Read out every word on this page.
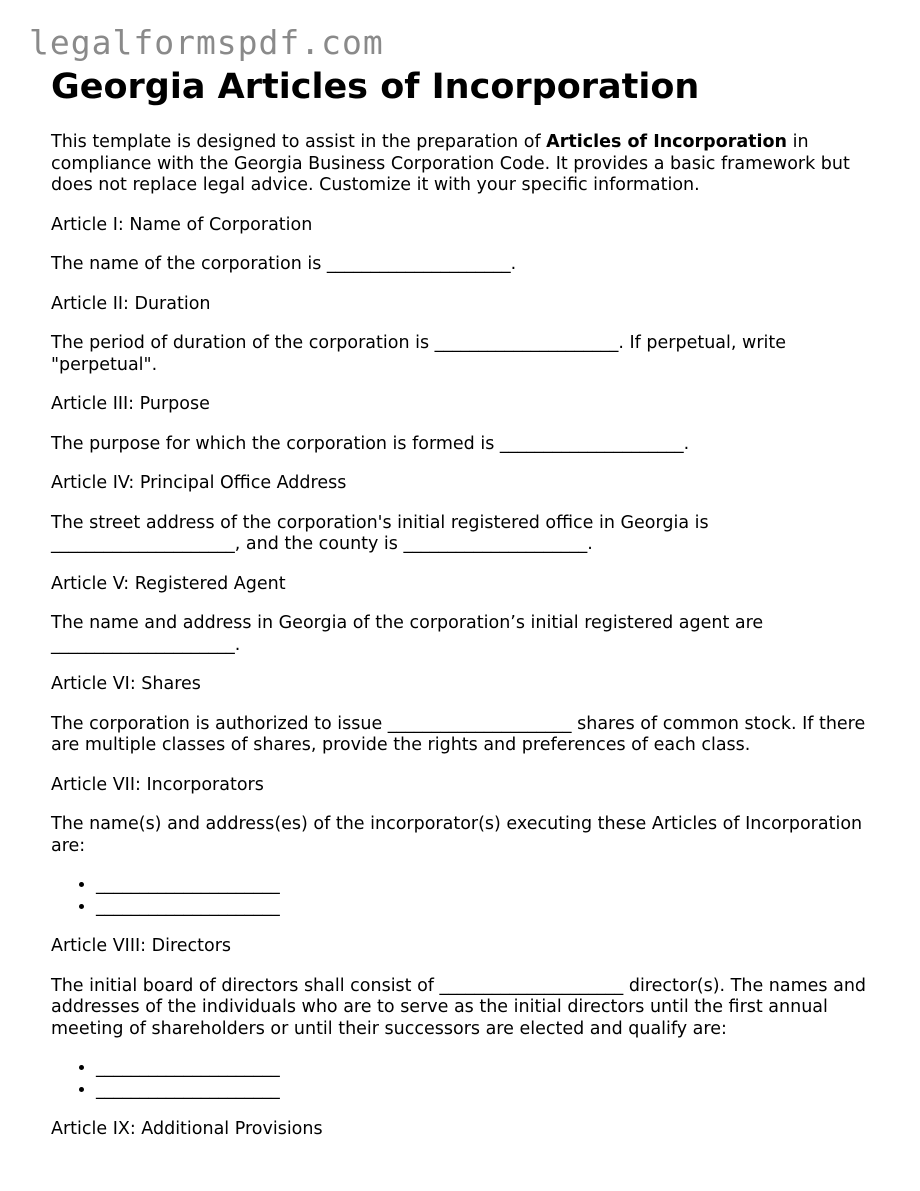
legalformspdf.com
Georgia Articles of Incorporation

This template is designed to assist in the preparation of Articles of Incorporation in compliance with the Georgia Business Corporation Code. It provides a basic framework but does not replace legal advice. Customize it with your specific information.

Article I: Name of Corporation

The name of the corporation is _____________________.

Article II: Duration

The period of duration of the corporation is _____________________. If perpetual, write "perpetual".

Article III: Purpose

The purpose for which the corporation is formed is _____________________.

Article IV: Principal Office Address

The street address of the corporation's initial registered office in Georgia is _____________________, and the county is _____________________.

Article V: Registered Agent

The name and address in Georgia of the corporation’s initial registered agent are _____________________.

Article VI: Shares

The corporation is authorized to issue _____________________ shares of common stock. If there are multiple classes of shares, provide the rights and preferences of each class.

Article VII: Incorporators

The name(s) and address(es) of the incorporator(s) executing these Articles of Incorporation are:

• _____________________
• _____________________

Article VIII: Directors

The initial board of directors shall consist of _____________________ director(s). The names and addresses of the individuals who are to serve as the initial directors until the first annual meeting of shareholders or until their successors are elected and qualify are:

• _____________________
• _____________________

Article IX: Additional Provisions
